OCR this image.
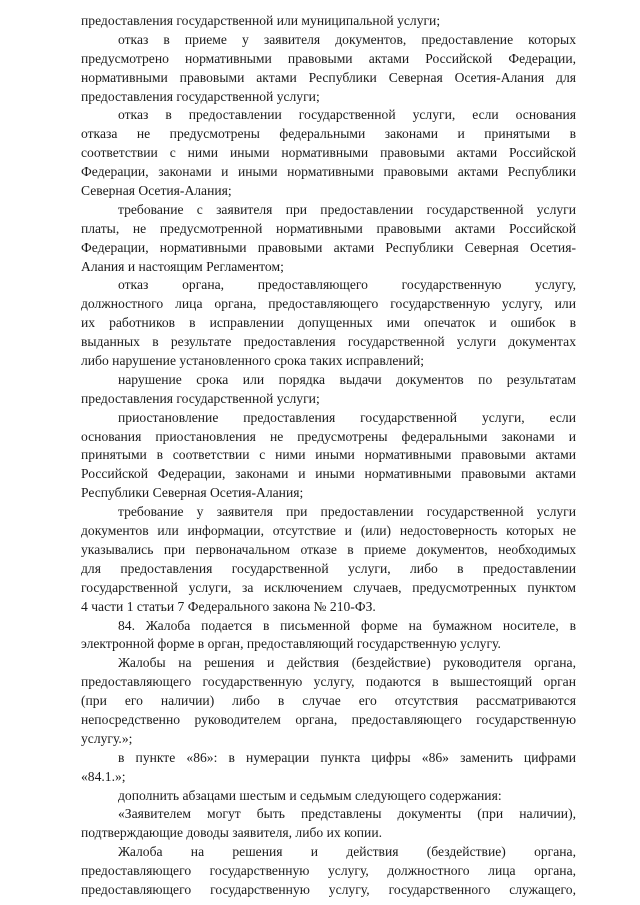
предоставления государственной или муниципальной услуги;
отказ в приеме у заявителя документов, предоставление которых
предусмотрено нормативными правовыми актами Российской Федерации,
нормативными правовыми актами Республики Северная Осетия-Алания для
предоставления государственной услуги;
отказ в предоставлении государственной услуги, если основания
отказа не предусмотрены федеральными законами и принятыми в
соответствии с ними иными нормативными правовыми актами Российской
Федерации, законами и иными нормативными правовыми актами Республики
Северная Осетия-Алания;
требование с заявителя при предоставлении государственной услуги
платы, не предусмотренной нормативными правовыми актами Российской
Федерации, нормативными правовыми актами Республики Северная Осетия-
Алания и настоящим Регламентом;
отказ органа, предоставляющего государственную услугу,
должностного лица органа, предоставляющего государственную услугу, или
их работников в исправлении допущенных ими опечаток и ошибок в
выданных в результате предоставления государственной услуги документах
либо нарушение установленного срока таких исправлений;
нарушение срока или порядка выдачи документов по результатам
предоставления государственной услуги;
приостановление предоставления государственной услуги, если
основания приостановления не предусмотрены федеральными законами и
принятыми в соответствии с ними иными нормативными правовыми актами
Российской Федерации, законами и иными нормативными правовыми актами
Республики Северная Осетия-Алания;
требование у заявителя при предоставлении государственной услуги
документов или информации, отсутствие и (или) недостоверность которых не
указывались при первоначальном отказе в приеме документов, необходимых
для предоставления государственной услуги, либо в предоставлении
государственной услуги, за исключением случаев, предусмотренных пунктом
4 части 1 статьи 7 Федерального закона № 210-ФЗ.
84. Жалоба подается в письменной форме на бумажном носителе, в
электронной форме в орган, предоставляющий государственную услугу.
Жалобы на решения и действия (бездействие) руководителя органа,
предоставляющего государственную услугу, подаются в вышестоящий орган
(при его наличии) либо в случае его отсутствия рассматриваются
непосредственно руководителем органа, предоставляющего государственную
услугу.»;
в пункте «86»: в нумерации пункта цифры «86» заменить цифрами
«84.1.»;
дополнить абзацами шестым и седьмым следующего содержания:
«Заявителем могут быть представлены документы (при наличии),
подтверждающие доводы заявителя, либо их копии.
Жалоба на решения и действия (бездействие) органа,
предоставляющего государственную услугу, должностного лица органа,
предоставляющего государственную услугу, государственного служащего,
